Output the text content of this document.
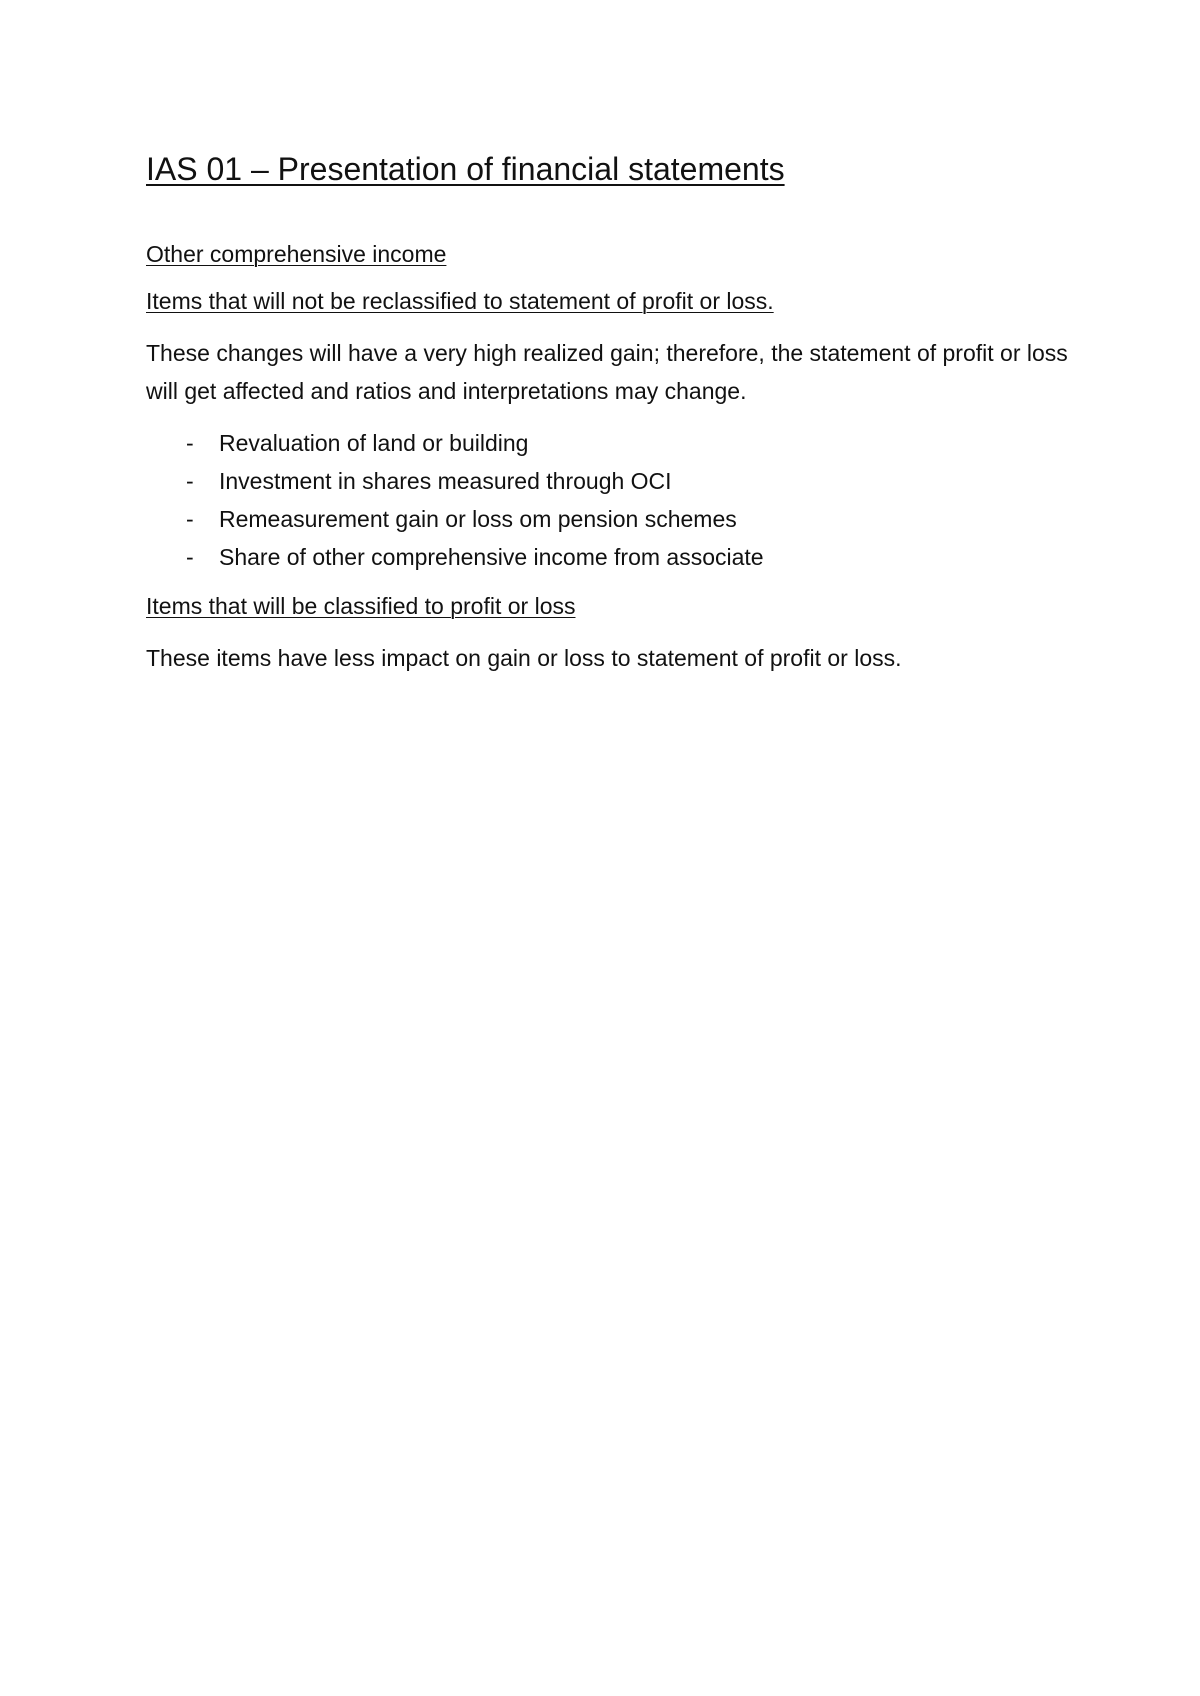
IAS 01 – Presentation of financial statements
Other comprehensive income
Items that will not be reclassified to statement of profit or loss.

These changes will have a very high realized gain; therefore, the statement of profit or loss will get affected and ratios and interpretations may change.

-	Revaluation of land or building
-	Investment in shares measured through OCI
-	Remeasurement gain or loss om pension schemes
-	Share of other comprehensive income from associate
Items that will be classified to profit or loss

These items have less impact on gain or loss to statement of profit or loss.
